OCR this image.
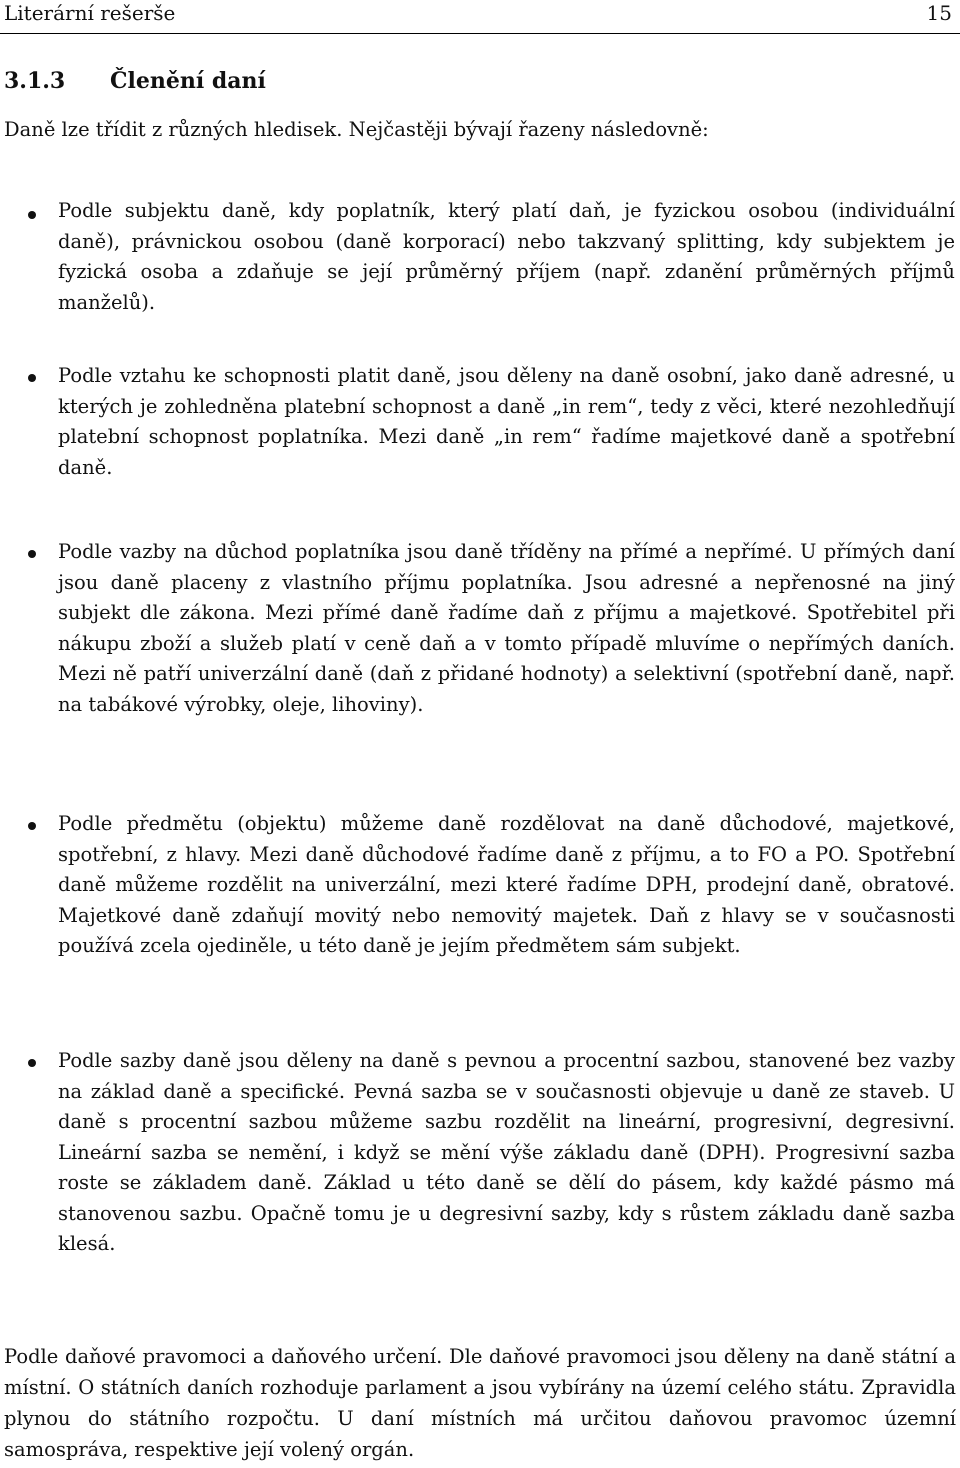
Literární rešerše	15
3.1.3 Členění daní
Daně lze třídit z různých hledisek. Nejčastěji bývají řazeny následovně:
Podle subjektu daně, kdy poplatník, který platí daň, je fyzickou osobou (individuální daně), právnickou osobou (daně korporací) nebo takzvaný splitting, kdy subjektem je fyzická osoba a zdaňuje se její průměrný příjem (např. zdanění průměrných příjmů manželů).
Podle vztahu ke schopnosti platit daně, jsou děleny na daně osobní, jako daně adresné, u kterých je zohledněna platební schopnost a daně „in rem“, tedy z věci, které nezohledňují platební schopnost poplatníka. Mezi daně „in rem“ řadíme majetkové daně a spotřební daně.
Podle vazby na důchod poplatníka jsou daně tříděny na přímé a nepřímé. U přímých daní jsou daně placeny z vlastního příjmu poplatníka. Jsou adresné a nepřenosné na jiný subjekt dle zákona. Mezi přímé daně řadíme daň z příjmu a majetkové. Spotřebitel při nákupu zboží a služeb platí v ceně daň a v tomto případě mluvíme o nepřímých daních. Mezi ně patří univerzální daně (daň z přidané hodnoty) a selektivní (spotřební daně, např. na tabákové výrobky, oleje, lihoviny).
Podle předmětu (objektu) můžeme daně rozdělovat na daně důchodové, majetkové, spotřební, z hlavy. Mezi daně důchodové řadíme daně z příjmu, a to FO a PO. Spotřební daně můžeme rozdělit na univerzální, mezi které řadíme DPH, prodejní daně, obratové. Majetkové daně zdaňují movitý nebo nemovitý majetek. Daň z hlavy se v současnosti používá zcela ojediněle, u této daně je jejím předmětem sám subjekt.
Podle sazby daně jsou děleny na daně s pevnou a procentní sazbou, stanovené bez vazby na základ daně a specifické. Pevná sazba se v současnosti objevuje u daně ze staveb. U daně s procentní sazbou můžeme sazbu rozdělit na lineární, progresivní, degresivní. Lineární sazba se nemění, i když se mění výše základu daně (DPH). Progresivní sazba roste se základem daně. Základ u této daně se dělí do pásem, kdy každé pásmo má stanovenou sazbu. Opačně tomu je u degresivní sazby, kdy s růstem základu daně sazba klesá.
Podle daňové pravomoci a daňového určení. Dle daňové pravomoci jsou děleny na daně státní a místní. O státních daních rozhoduje parlament a jsou vybírány na území celého státu. Zpravidla plynou do státního rozpočtu. U daní místních má určitou daňovou pravomoc územní samospráva, respektive její volený orgán.
